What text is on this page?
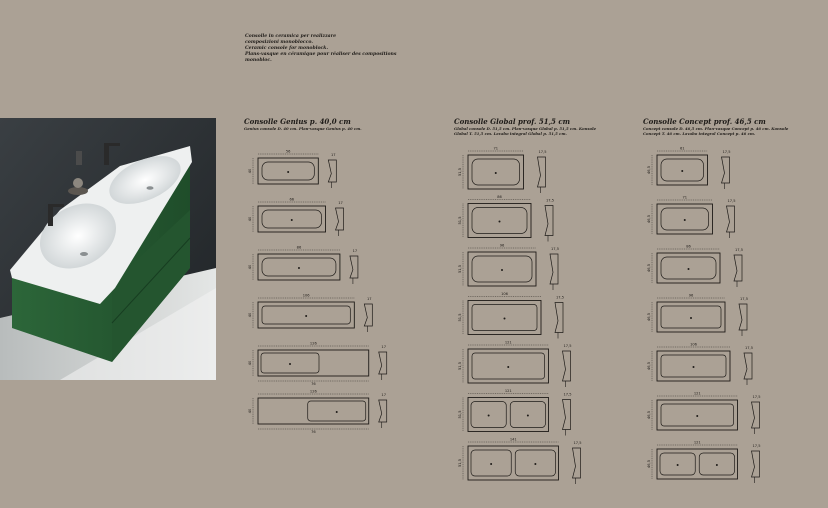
Consolle in ceramica per realizzare
composizioni monoblocco.
Ceramic console for monoblock.
Plans-vasque en céramique pour réaliser des compositions
monobloc.
Consolle Genius p. 40,0 cm
Genius console D. 40 cm. Plan-vasque Genius p. 40 cm.
Consolle Global prof. 51,5 cm
Global console D. 51,5 cm. Plan-vasque Global p. 51,5 cm. Konsole
Global T. 51,5 cm. Lavabo integral Global p. 51,5 cm.
Consolle Concept prof. 46,5 cm
Concept console D. 46,5 cm. Plan-vasque Concept p. 46 cm. Konsole
Concept T. 46 cm. Lavabo integral Concept p. 46 cm.
56
40
17
66
40
17
86
40
17
106
40
17
126
40
76
17
126
40
76
17
71
51,5
17,5
86
51,5
17,5
96
51,5
17,5
106
51,5
17,5
121
51,5
17,5
121
51,5
17,5
141
51,5
17,5
61
46,5
17,5
71
46,5
17,5
86
46,5
17,5
96
46,5
17,5
106
46,5
17,5
121
46,5
17,5
121
46,5
17,5
